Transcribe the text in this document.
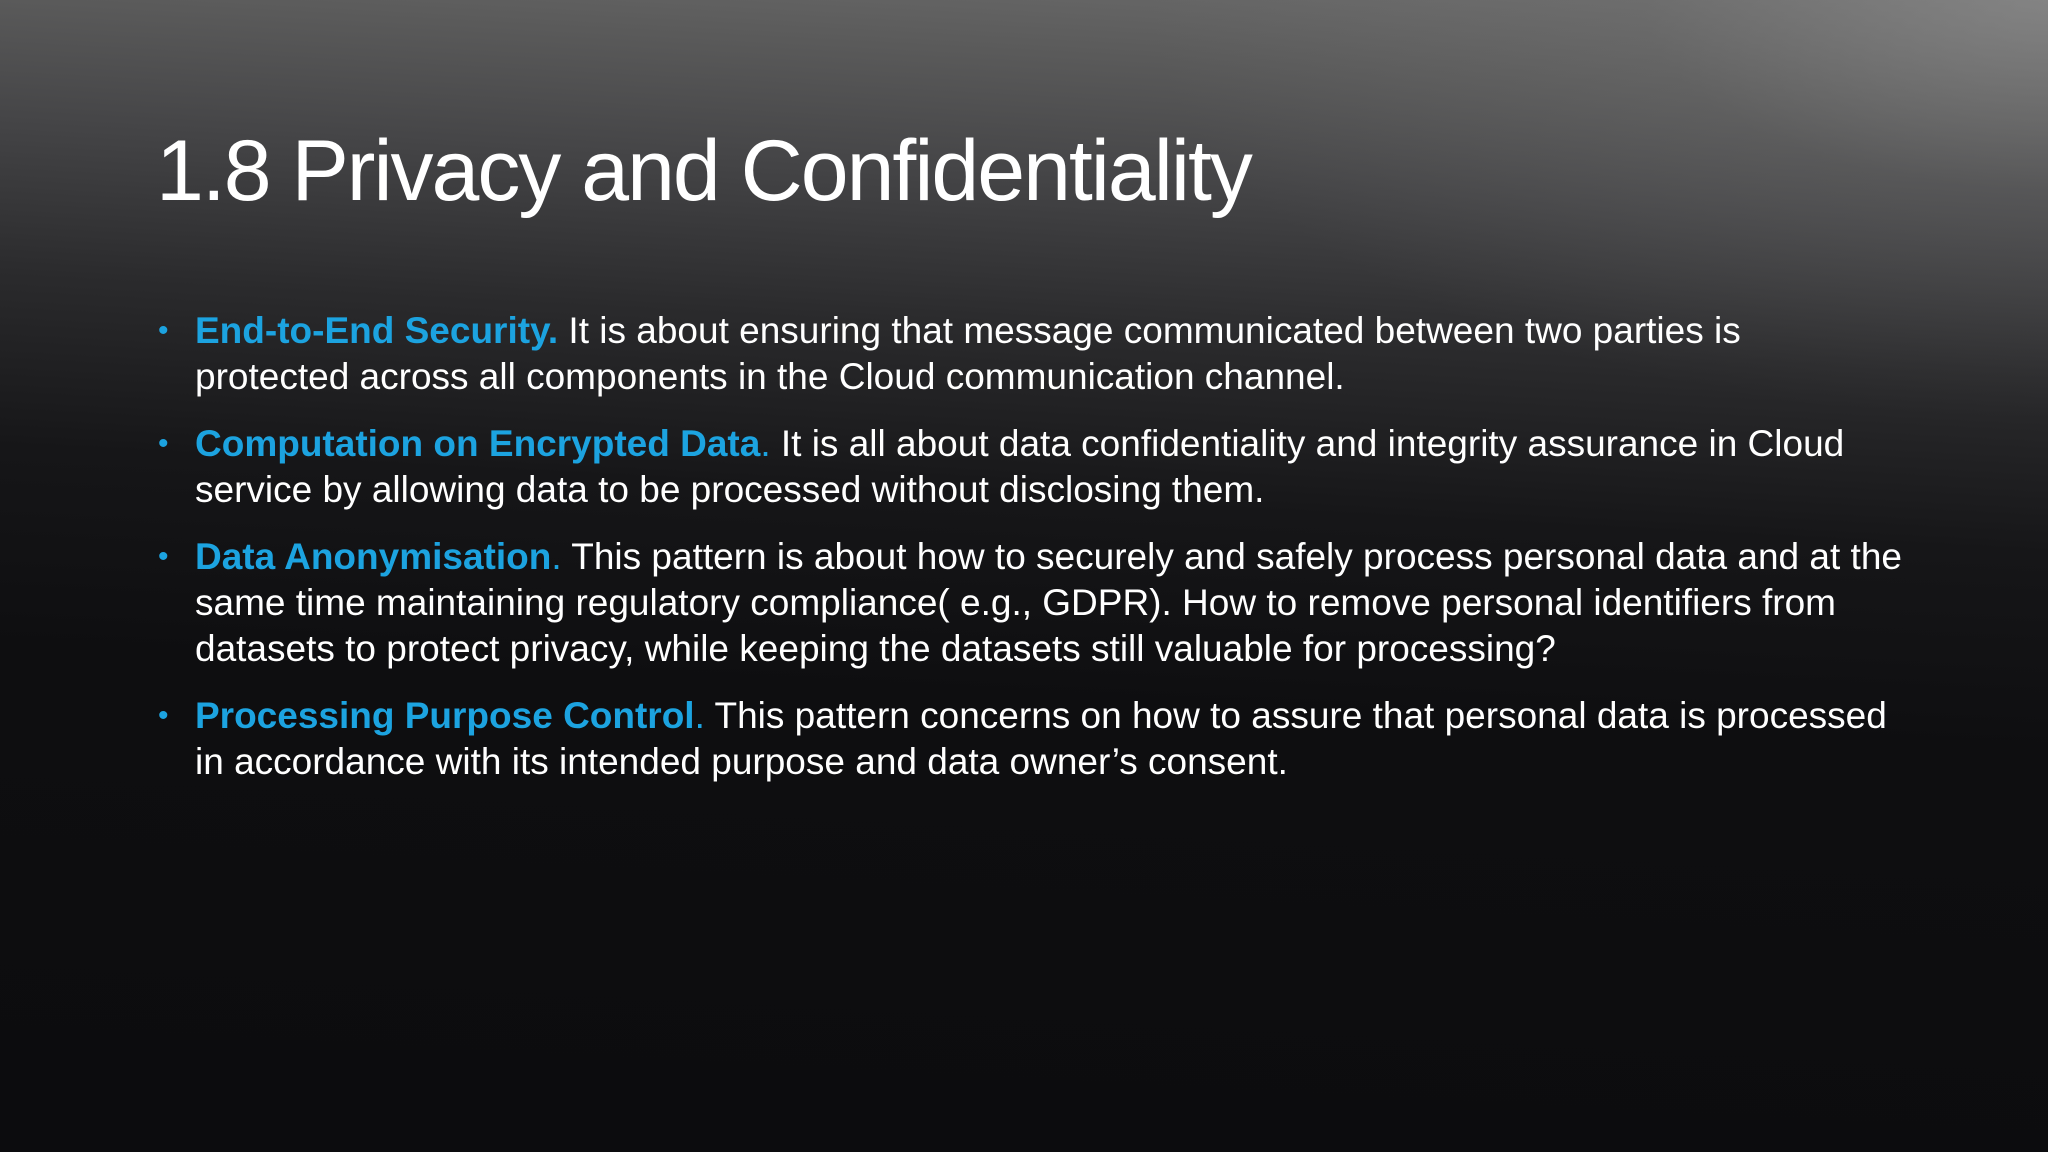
1.8 Privacy and Confidentiality
• End-to-End Security. It is about ensuring that message communicated between two parties is protected across all components in the Cloud communication channel.
• Computation on Encrypted Data. It is all about data confidentiality and integrity assurance in Cloud service by allowing data to be processed without disclosing them.
• Data Anonymisation. This pattern is about how to securely and safely process personal data and at the same time maintaining regulatory compliance( e.g., GDPR). How to remove personal identifiers from datasets to protect privacy, while keeping the datasets still valuable for processing?
• Processing Purpose Control. This pattern concerns on how to assure that personal data is processed in accordance with its intended purpose and data owner’s consent.
